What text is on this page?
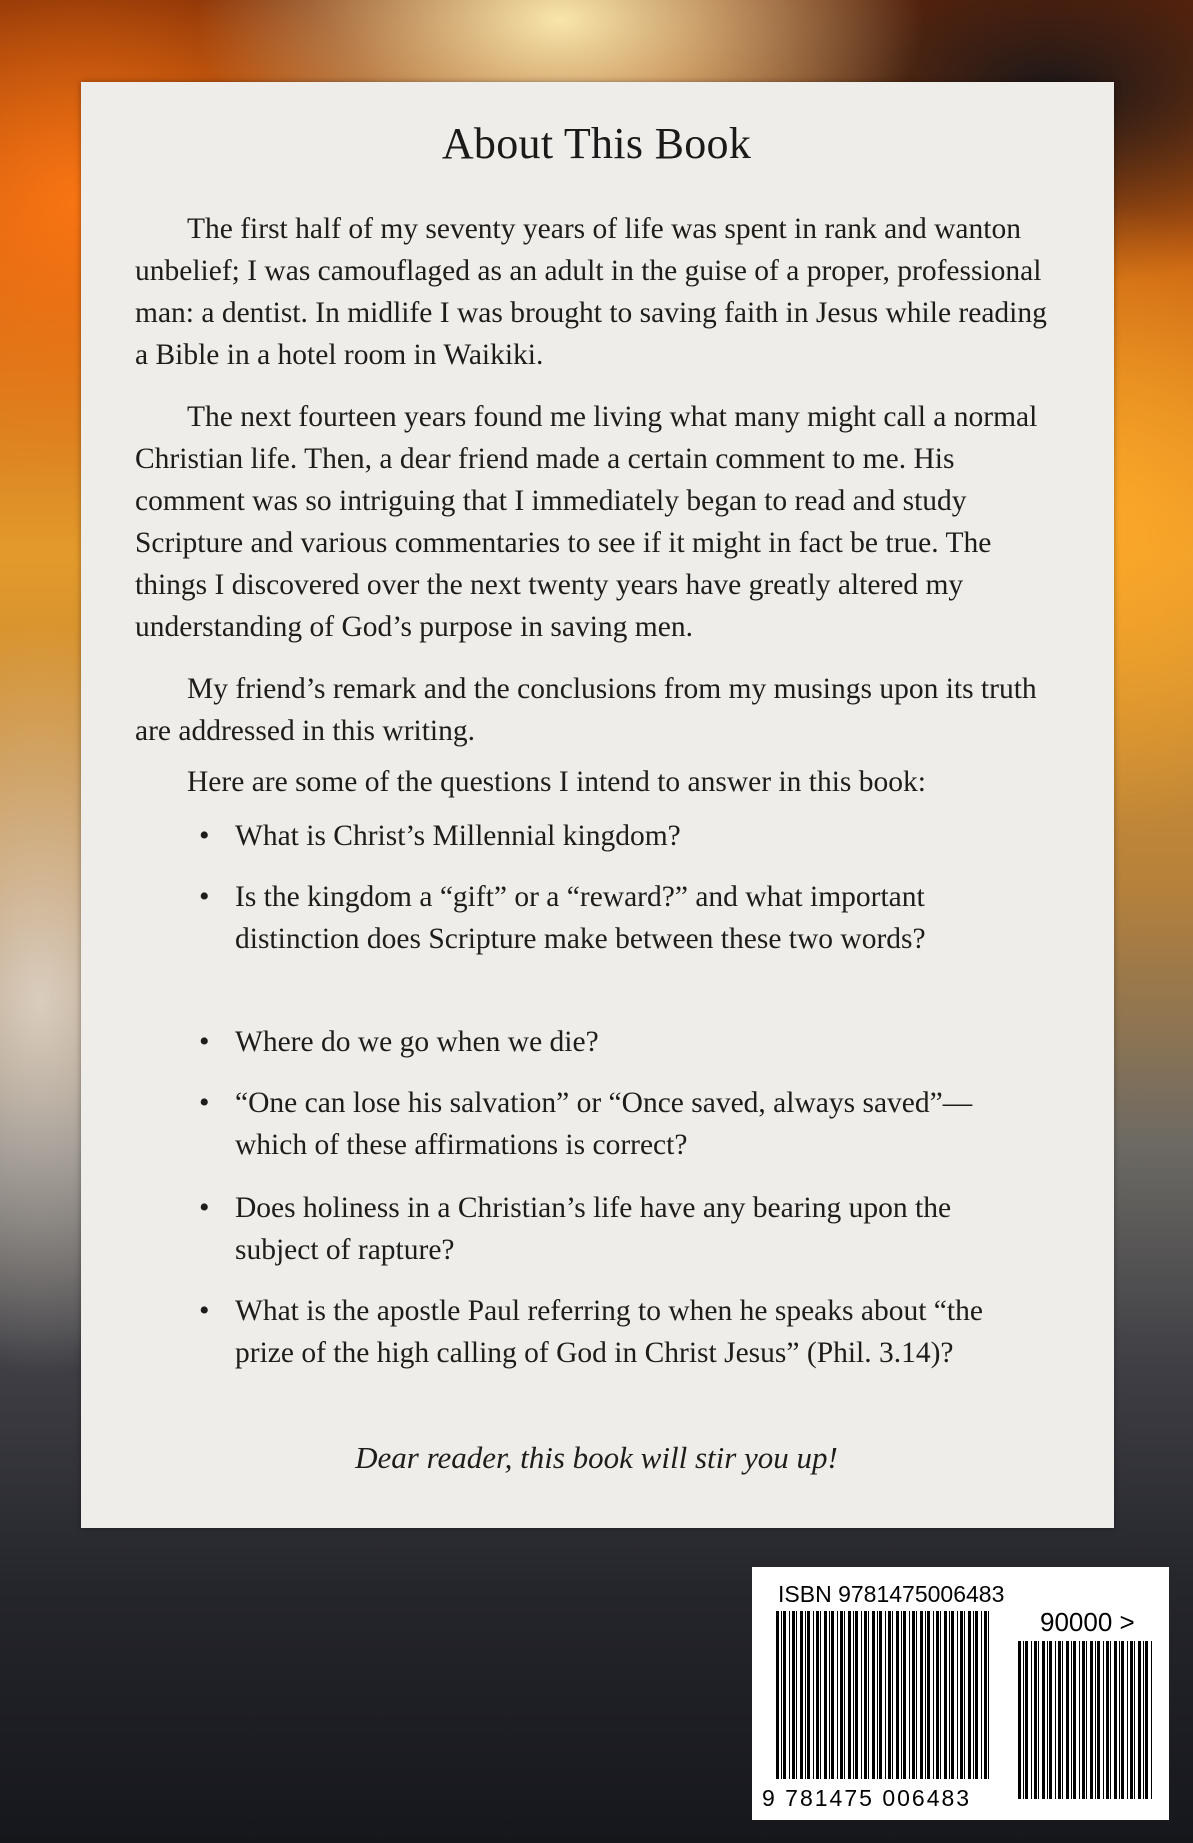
About This Book

The first half of my seventy years of life was spent in rank and wanton unbelief; I was camouflaged as an adult in the guise of a proper, professional man: a dentist. In midlife I was brought to saving faith in Jesus while reading a Bible in a hotel room in Waikiki.

The next fourteen years found me living what many might call a normal Christian life. Then, a dear friend made a certain comment to me. His comment was so intriguing that I immediately began to read and study Scripture and various commentaries to see if it might in fact be true. The things I discovered over the next twenty years have greatly altered my understanding of God’s purpose in saving men.

My friend’s remark and the conclusions from my musings upon its truth are addressed in this writing.

Here are some of the questions I intend to answer in this book:

• What is Christ’s Millennial kingdom?
• Is the kingdom a “gift” or a “reward?” and what important distinction does Scripture make between these two words?
• Where do we go when we die?
• “One can lose his salvation” or “Once saved, always saved”—which of these affirmations is correct?
• Does holiness in a Christian’s life have any bearing upon the subject of rapture?
• What is the apostle Paul referring to when he speaks about “the prize of the high calling of God in Christ Jesus” (Phil. 3.14)?
Dear reader, this book will stir you up!
ISBN 9781475006483
90000 >
9 781475 006483
